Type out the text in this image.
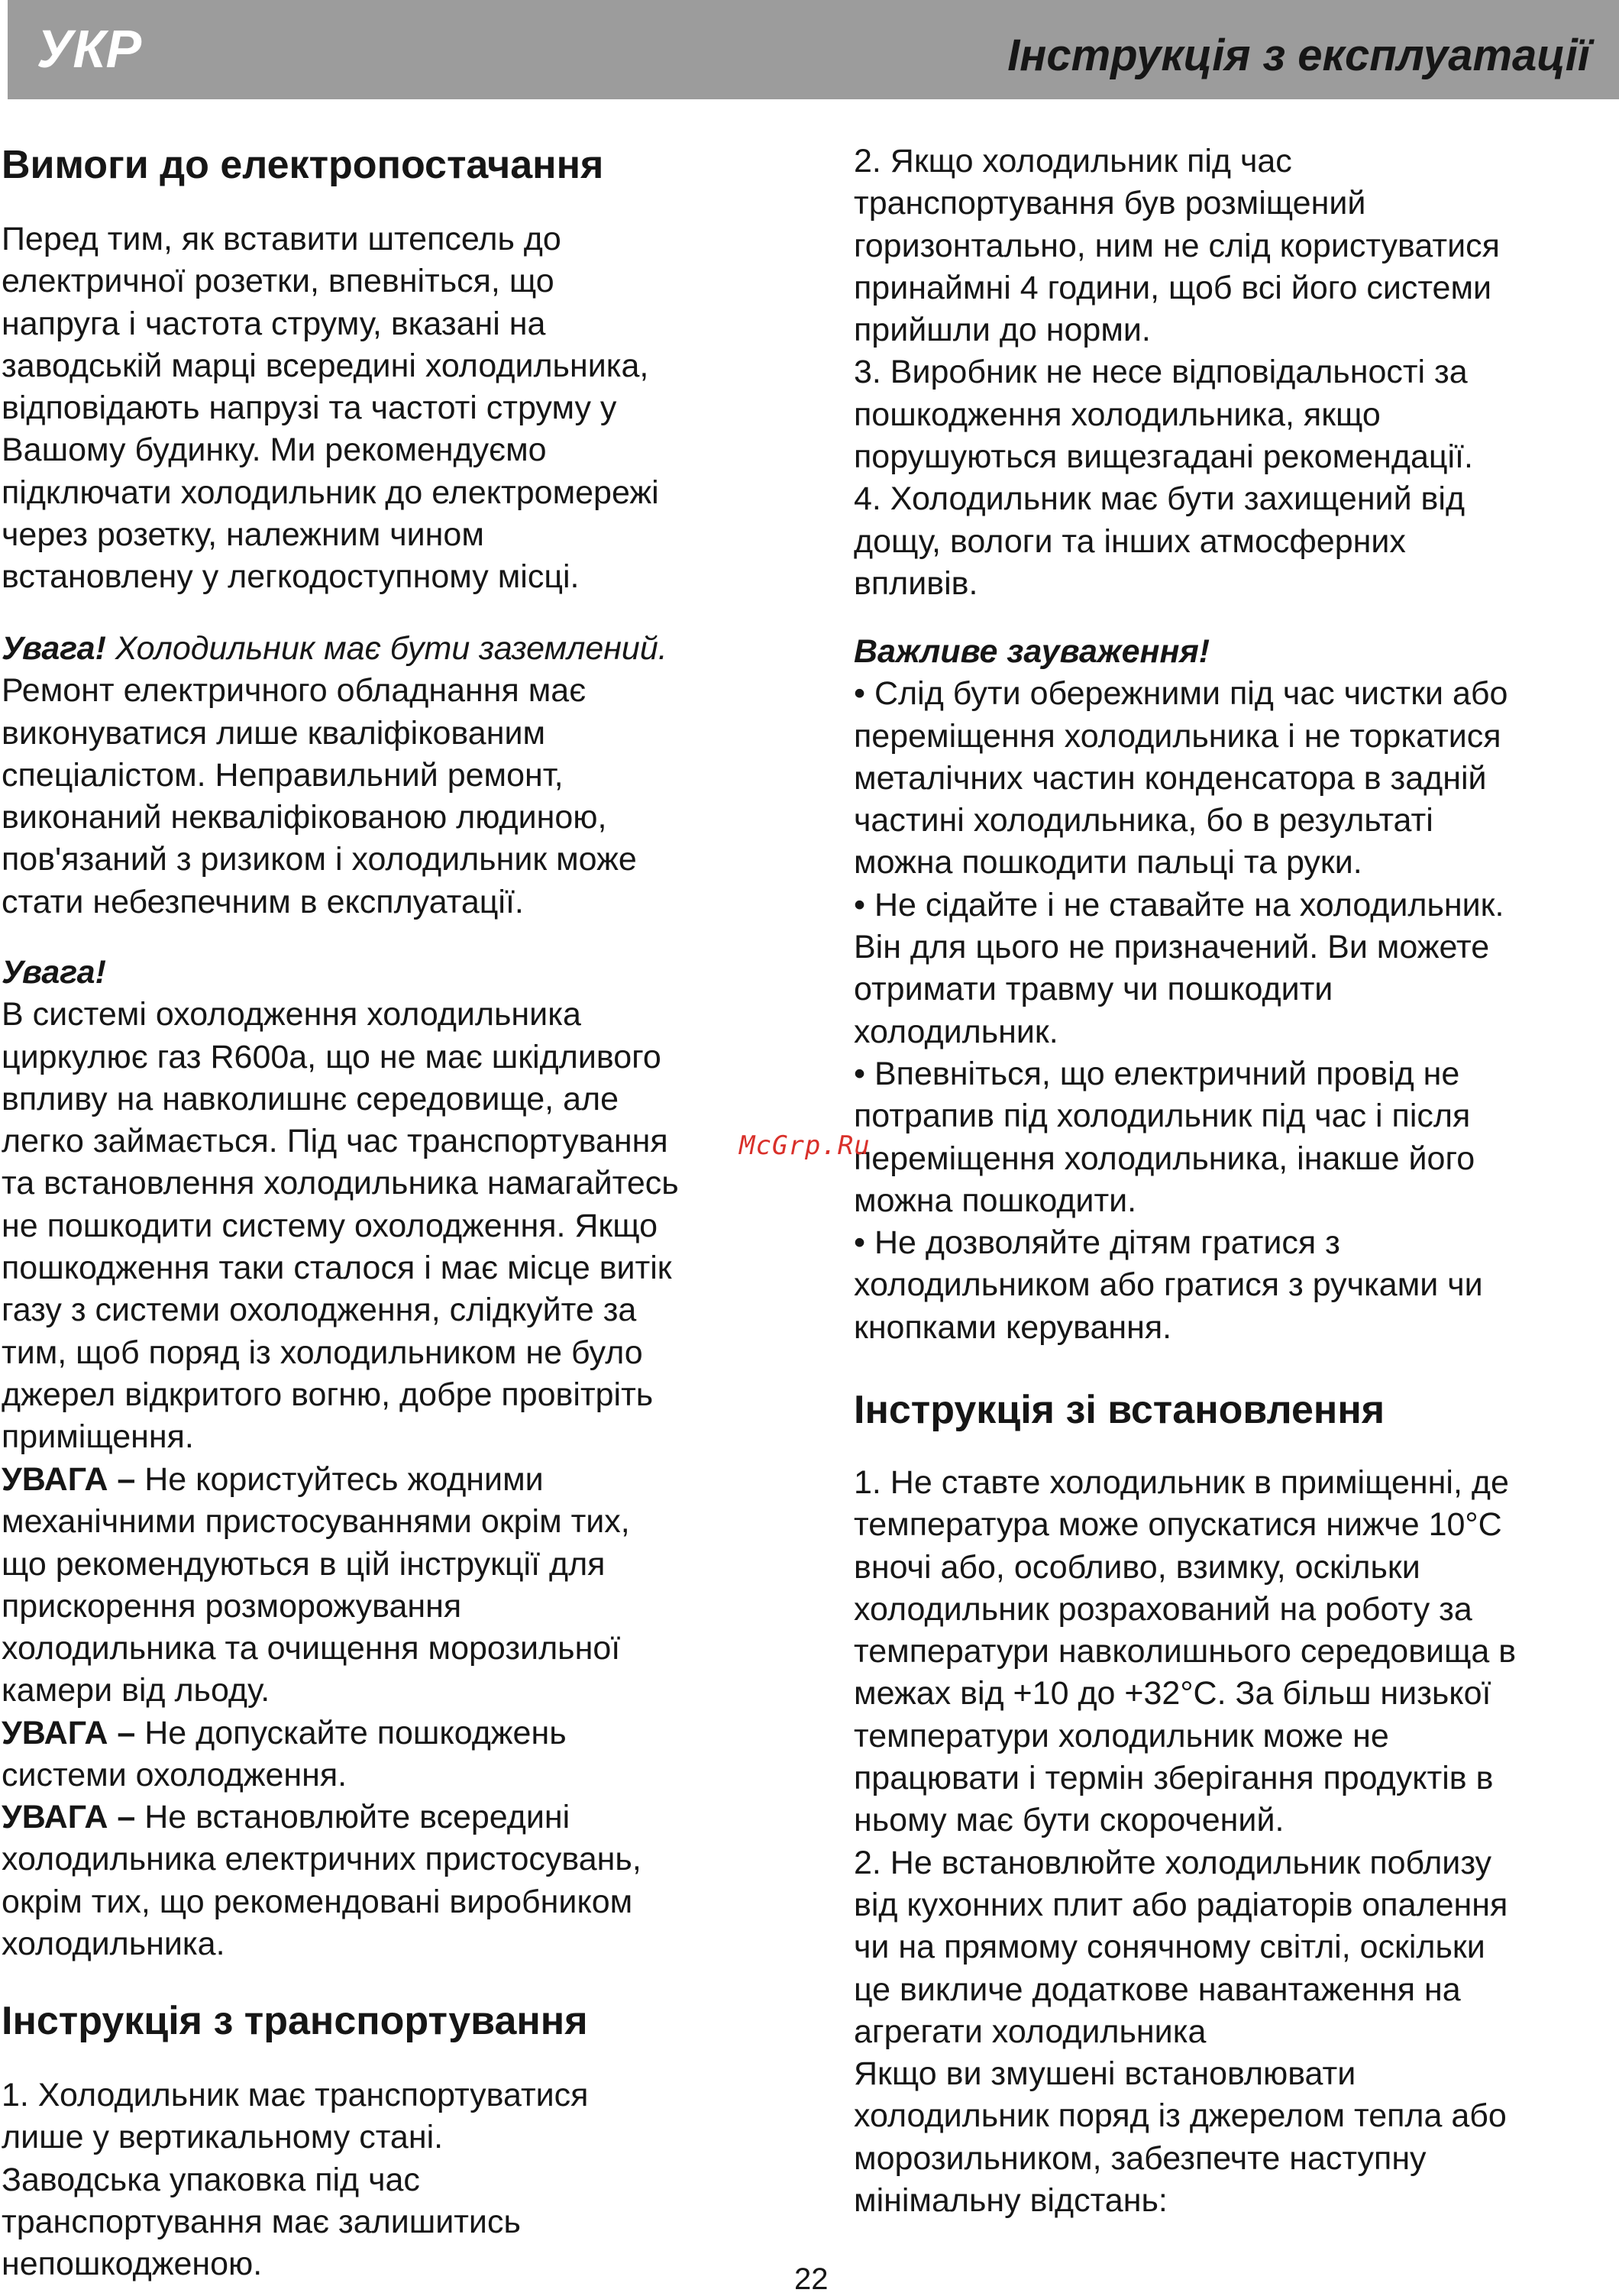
УКР	Інструкція з експлуатації
Вимоги до електропостачання
Перед тим, як вставити штепсель до
електричної розетки, впевніться, що
напруга і частота струму, вказані на
заводській марці всередині холодильника,
відповідають напрузі та частоті струму у
Вашому будинку. Ми рекомендуємо
підключати холодильник до електромережі
через розетку, належним чином
встановлену у легкодоступному місці.
Увага! Холодильник має бути заземлений.
Ремонт електричного обладнання має
виконуватися лише кваліфікованим
спеціалістом. Неправильний ремонт,
виконаний некваліфікованою людиною,
пов'язаний з ризиком і холодильник може
стати небезпечним в експлуатації.
Увага!
В системі охолодження холодильника
циркулює газ R600a, що не має шкідливого
впливу на навколишнє середовище, але
легко займається. Під час транспортування
та встановлення холодильника намагайтесь
не пошкодити систему охолодження. Якщо
пошкодження таки сталося і має місце витік
газу з системи охолодження, слідкуйте за
тим, щоб поряд із холодильником не було
джерел відкритого вогню, добре провітріть
приміщення.
УВАГА – Не користуйтесь жодними
механічними пристосуваннями окрім тих,
що рекомендуються в цій інструкції для
прискорення розморожування
холодильника та очищення морозильної
камери від льоду.
УВАГА – Не допускайте пошкоджень
системи охолодження.
УВАГА – Не встановлюйте всередині
холодильника електричних пристосувань,
окрім тих, що рекомендовані виробником
холодильника.
Інструкція з транспортування
1. Холодильник має транспортуватися
лише у вертикальному стані.
Заводська упаковка під час
транспортування має залишитись
непошкодженою.
2. Якщо холодильник під час
транспортування був розміщений
горизонтально, ним не слід користуватися
принаймні 4 години, щоб всі його системи
прийшли до норми.
3. Виробник не несе відповідальності за
пошкодження холодильника, якщо
порушуються вищезгадані рекомендації.
4. Холодильник має бути захищений від
дощу, вологи та інших атмосферних
впливів.
Важливе зауваження!
• Слід бути обережними під час чистки або
переміщення холодильника і не торкатися
металічних частин конденсатора в задній
частині холодильника, бо в результаті
можна пошкодити пальці та руки.
• Не сідайте і не ставайте на холодильник.
Він для цього не призначений. Ви можете
отримати травму чи пошкодити
холодильник.
• Впевніться, що електричний провід не
потрапив під холодильник під час і після
переміщення холодильника, інакше його
можна пошкодити.
• Не дозволяйте дітям гратися з
холодильником або гратися з ручками чи
кнопками керування.
Інструкція зі встановлення
1. Не ставте холодильник в приміщенні, де
температура може опускатися нижче 10°C
вночі або, особливо, взимку, оскільки
холодильник розрахований на роботу за
температури навколишнього середовища в
межах від +10 до +32°С. За більш низької
температури холодильник може не
працювати і термін зберігання продуктів в
ньому має бути скорочений.
2. Не встановлюйте холодильник поблизу
від кухонних плит або радіаторів опалення
чи на прямому сонячному світлі, оскільки
це викличе додаткове навантаження на
агрегати холодильника
Якщо ви змушені встановлювати
холодильник поряд із джерелом тепла або
морозильником, забезпечте наступну
мінімальну відстань:
McGrp.Ru
22
